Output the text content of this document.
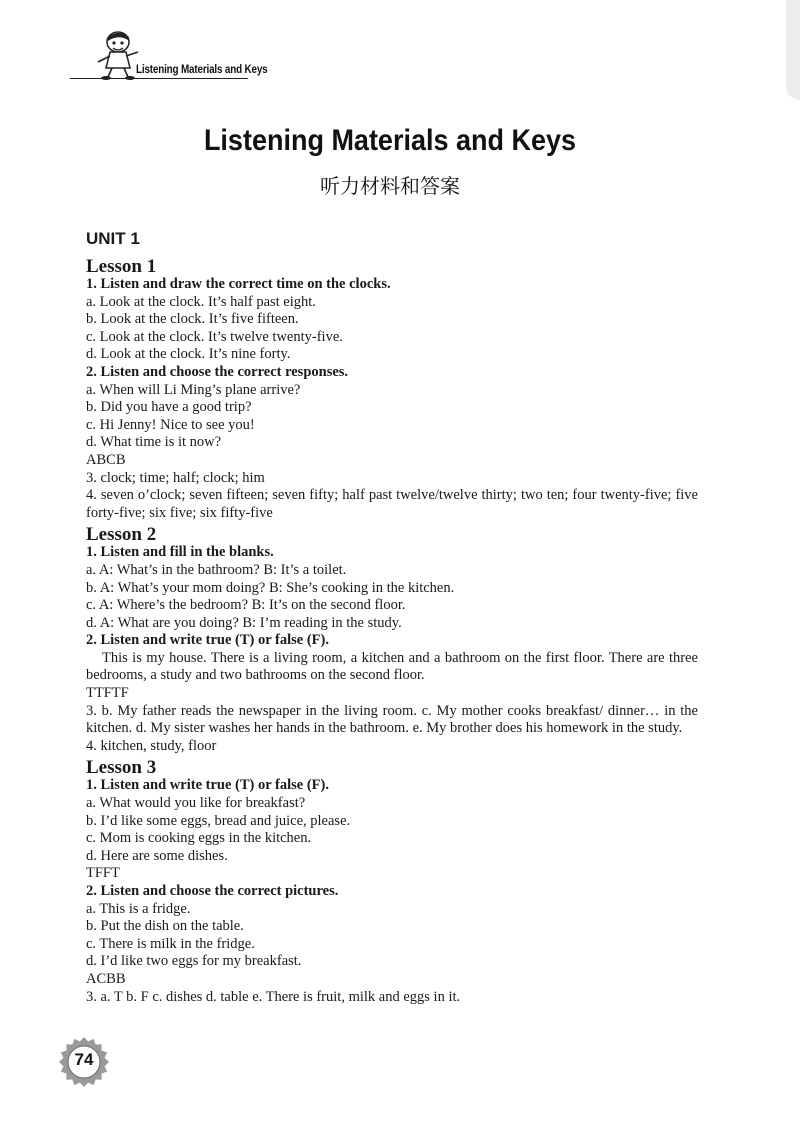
Listening Materials and Keys
Listening Materials and Keys
听力材料和答案
UNIT 1
Lesson 1
1. Listen and draw the correct time on the clocks.
a. Look at the clock. It’s half past eight.
b. Look at the clock. It’s five fifteen.
c. Look at the clock. It’s twelve twenty-five.
d. Look at the clock. It’s nine forty.
2. Listen and choose the correct responses.
a. When will Li Ming’s plane arrive?
b. Did you have a good trip?
c. Hi Jenny! Nice to see you!
d. What time is it now?
ABCB
3. clock; time; half; clock; him
4. seven o’clock; seven fifteen; seven fifty; half past twelve/twelve thirty; two ten; four twenty-five; five forty-five; six five; six fifty-five
Lesson 2
1. Listen and fill in the blanks.
a. A: What’s in the bathroom? B: It’s a toilet.
b. A: What’s your mom doing? B: She’s cooking in the kitchen.
c. A: Where’s the bedroom? B: It’s on the second floor.
d. A: What are you doing? B: I’m reading in the study.
2. Listen and write true (T) or false (F).
This is my house. There is a living room, a kitchen and a bathroom on the first floor. There are three bedrooms, a study and two bathrooms on the second floor.
TTFTF
3. b. My father reads the newspaper in the living room. c. My mother cooks breakfast/ dinner… in the kitchen. d. My sister washes her hands in the bathroom. e. My brother does his homework in the study.
4. kitchen, study, floor
Lesson 3
1. Listen and write true (T) or false (F).
a. What would you like for breakfast?
b. I’d like some eggs, bread and juice, please.
c. Mom is cooking eggs in the kitchen.
d. Here are some dishes.
TFFT
2. Listen and choose the correct pictures.
a. This is a fridge.
b. Put the dish on the table.
c. There is milk in the fridge.
d. I’d like two eggs for my breakfast.
ACBB
3. a. T b. F c. dishes d. table e. There is fruit, milk and eggs in it.
74
